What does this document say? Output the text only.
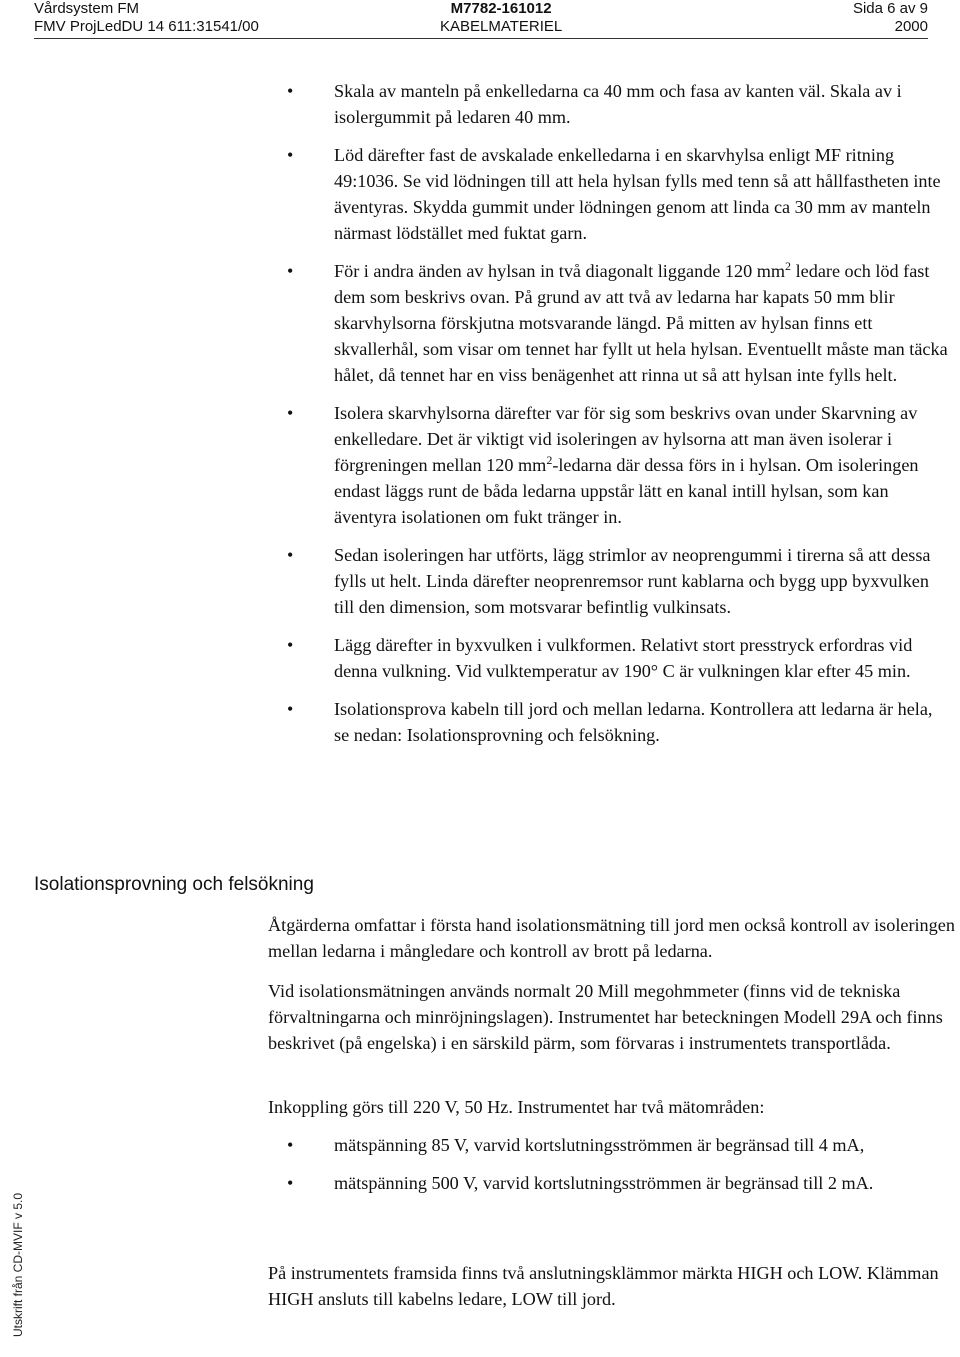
Vårdsystem FM
FMV ProjLedDU 14 611:31541/00
M7782-161012
KABELMATERIEL
Sida 6 av 9
2000
• Skala av manteln på enkelledarna ca 40 mm och fasa av kanten väl. Skala av i isolergummit på ledaren 40 mm.
• Löd därefter fast de avskalade enkelledarna i en skarvhylsa enligt MF ritning 49:1036. Se vid lödningen till att hela hylsan fylls med tenn så att hållfastheten inte äventyras. Skydda gummit under lödningen genom att linda ca 30 mm av manteln närmast lödstället med fuktat garn.
• För i andra änden av hylsan in två diagonalt liggande 120 $mm^2$ ledare och löd fast dem som beskrivs ovan. På grund av att två av ledarna har kapats 50 mm blir skarvhylsorna förskjutna motsvarande längd. På mitten av hylsan finns ett skvallerhål, som visar om tennet har fyllt ut hela hylsan. Eventuellt måste man täcka hålet, då tennet har en viss benägenhet att rinna ut så att hylsan inte fylls helt.
• Isolera skarvhylsorna därefter var för sig som beskrivs ovan under Skarvning av enkelledare. Det är viktigt vid isoleringen av hylsorna att man även isolerar i förgreningen mellan 120 $mm^2$-ledarna där dessa förs in i hylsan. Om isoleringen endast läggs runt de båda ledarna uppstår lätt en kanal intill hylsan, som kan äventyra isolationen om fukt tränger in.
• Sedan isoleringen har utförts, lägg strimlor av neoprengummi i tirerna så att dessa fylls ut helt. Linda därefter neoprenremsor runt kablarna och bygg upp byxvulken till den dimension, som motsvarar befintlig vulkinsats.
• Lägg därefter in byxvulken i vulkformen. Relativt stort presstryck erfordras vid denna vulkning. Vid vulktemperatur av 190° C är vulkningen klar efter 45 min.
• Isolationsprova kabeln till jord och mellan ledarna. Kontrollera att ledarna är hela, se nedan: Isolationsprovning och felsökning.
Isolationsprovning och felsökning

Åtgärderna omfattar i första hand isolationsmätning till jord men också kontroll av isoleringen mellan ledarna i mångledare och kontroll av brott på ledarna.

Vid isolationsmätningen används normalt 20 Mill megohmmeter (finns vid de tekniska förvaltningarna och minröjningslagen). Instrumentet har beteckningen Modell 29A och finns beskrivet (på engelska) i en särskild pärm, som förvaras i instrumentets transportlåda.

Inkoppling görs till 220 V, 50 Hz. Instrumentet har två mätområden:

• mätspänning 85 V, varvid kortslutningsströmmen är begränsad till 4 mA,
• mätspänning 500 V, varvid kortslutningsströmmen är begränsad till 2 mA.

På instrumentets framsida finns två anslutningsklämmor märkta HIGH och LOW. Klämman HIGH ansluts till kabelns ledare, LOW till jord.

Utskrift från CD-MVIF v 5.0
